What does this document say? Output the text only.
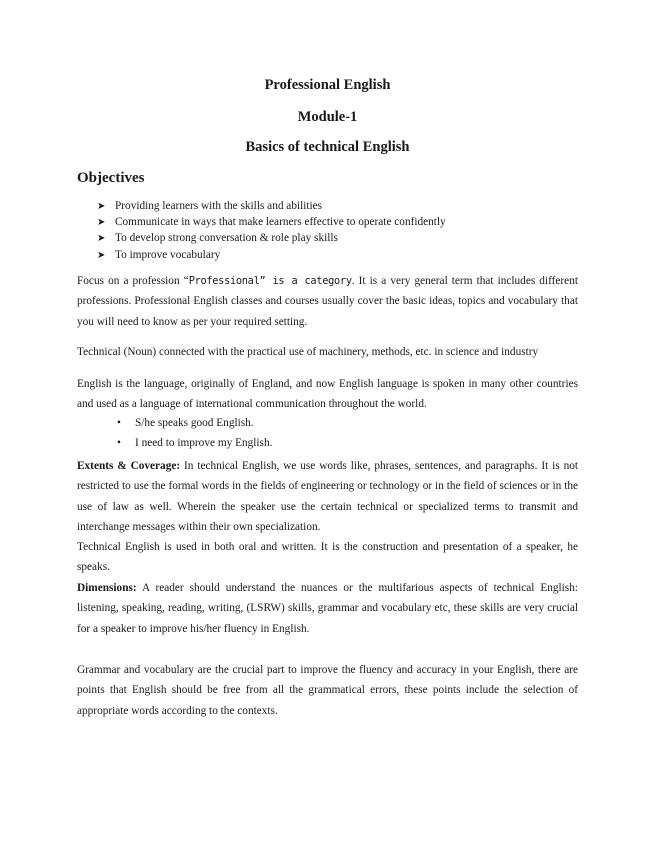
Professional English
Module-1
Basics of technical English
Objectives
➤ Providing learners with the skills and abilities
➤ Communicate in ways that make learners effective to operate confidently
➤ To develop strong conversation & role play skills
➤ To improve vocabulary

Focus on a profession “Professional” is a category. It is a very general term that includes different professions. Professional English classes and courses usually cover the basic ideas, topics and vocabulary that you will need to know as per your required setting.

Technical (Noun) connected with the practical use of machinery, methods, etc. in science and industry

English is the language, originally of England, and now English language is spoken in many other countries and used as a language of international communication throughout the world.

• S/he speaks good English.
• I need to improve my English.

Extents & Coverage: In technical English, we use words like, phrases, sentences, and paragraphs. It is not restricted to use the formal words in the fields of engineering or technology or in the field of sciences or in the use of law as well. Wherein the speaker use the certain technical or specialized terms to transmit and interchange messages within their own specialization.

Technical English is used in both oral and written. It is the construction and presentation of a speaker, he speaks.

Dimensions: A reader should understand the nuances or the multifarious aspects of technical English: listening, speaking, reading, writing, (LSRW) skills, grammar and vocabulary etc, these skills are very crucial for a speaker to improve his/her fluency in English.

Grammar and vocabulary are the crucial part to improve the fluency and accuracy in your English, there are points that English should be free from all the grammatical errors, these points include the selection of appropriate words according to the contexts.
